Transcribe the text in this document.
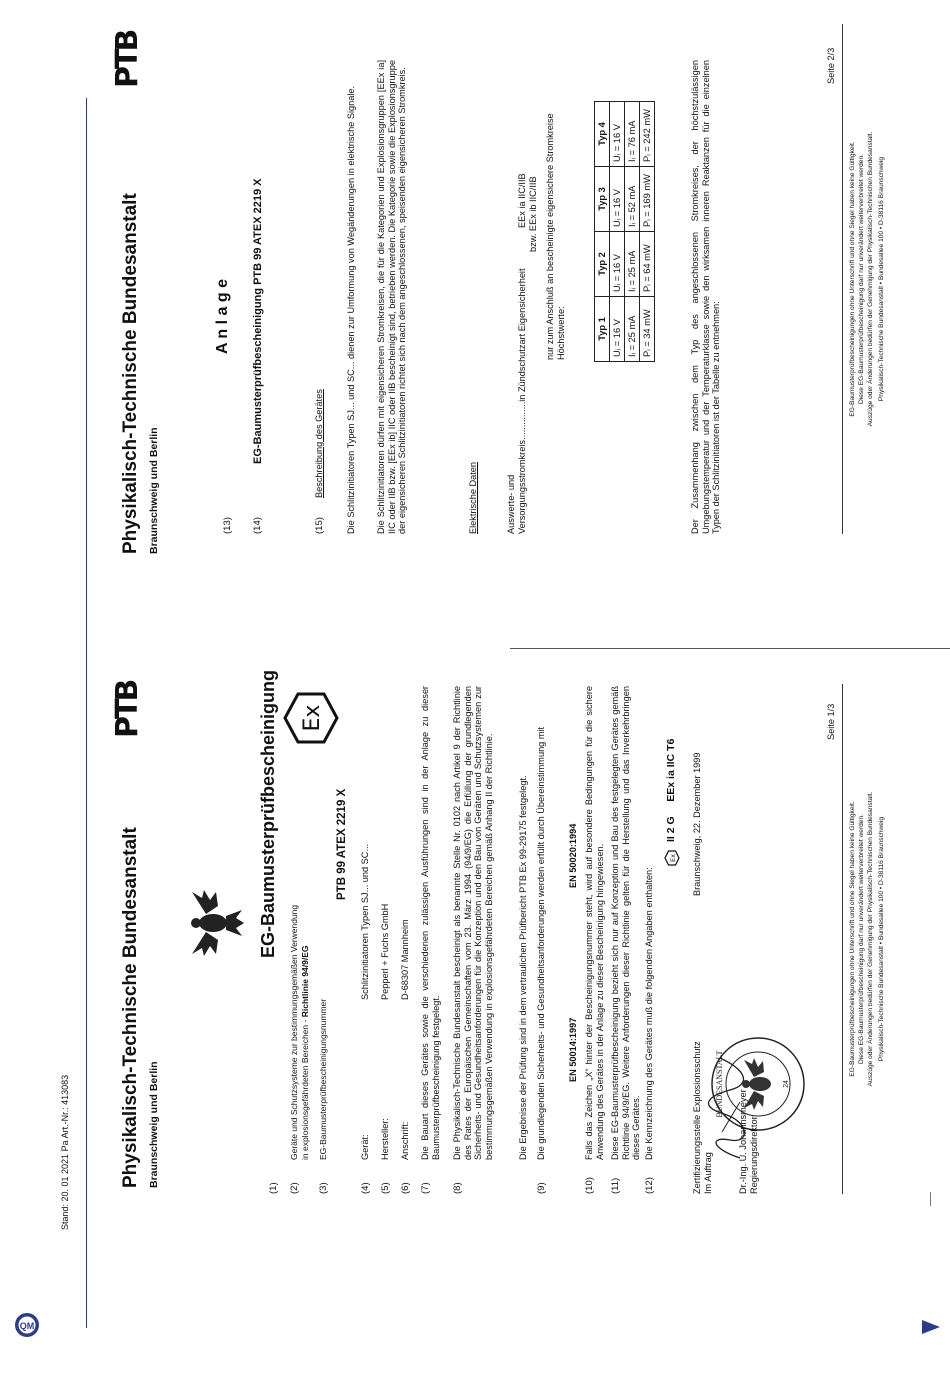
Stand: 20. 01 2021 Pa Art.-Nr.: 413083
QM
Physikalisch-Technische Bundesanstalt Braunschweig und Berlin
PTB	EG-Baumusterprüfbescheinigung Ex
(1) (2)
Geräte und Schutzsysteme zur bestimmungsgemäßen Verwendung in explosionsgefährdeten Bereichen - Richtlinie 94/9/EG
(3)
EG-Baumusterprüfbescheinigungsnummer
PTB 99 ATEX 2219 X
(4)
Gerät:
Schlitzinitiatoren Typen SJ... und SC...
(5)
Hersteller:
Pepperl + Fuchs GmbH
(6)
Anschrift:
D-68307 Mannheim
(7)
Die Bauart dieses Gerätes sowie die verschiedenen zulässigen Ausführungen sind in der Anlage zu dieser Baumusterprüfbescheinigung festgelegt.
(8)
Die Physikalisch-Technische Bundesanstalt bescheinigt als benannte Stelle Nr. 0102 nach Artikel 9 der Richtlinie des Rates der Europäischen Gemeinschaften vom 23. März 1994 (94/9/EG) die Erfüllung der grundlegenden Sicherheits- und Gesundheitsanforderungen für die Konzeption und den Bau von Geräten und Schutzsystemen zur bestimmungsgemäßen Verwendung in explosionsgefährdeten Bereichen gemäß Anhang II der Richtlinie.	Die Ergebnisse der Prüfung sind in dem vertraulichen Prüfbericht PTB Ex 99-29175 festgelegt.
(9)
Die grundlegenden Sicherheits- und Gesundheitsanforderungen werden erfüllt durch Übereinstimmung mit EN 50014:1997
EN 50020:1994
(10)
Falls das Zeichen „X“ hinter der Bescheinigungsnummer steht, wird auf besondere Bedingungen für die sichere Anwendung des Gerätes in der Anlage zu dieser Bescheinigung hingewiesen.
(11)
Diese EG-Baumusterprüfbescheinigung bezieht sich nur auf Konzeption und Bau des festgelegten Gerätes gemäß Richtlinie 94/9/EG. Weitere Anforderungen dieser Richtlinie gelten für die Herstellung und das Inverkehrbringen dieses Gerätes.
(12)
Die Kennzeichnung des Gerätes muß die folgenden Angaben enthalten:
Ex
II 2 G     EEx ia IIC T6
Zertifizierungsstelle Explosionsschutz Im Auftrag
Braunschweig, 22. Dezember 1999
BUNDESANSTALT	24
Dr.-Ing. U. Johannsmeyer Regierungsdirektor
Seite 1/3
EG-Baumusterprüfbescheinigungen ohne Unterschrift und ohne Siegel haben keine Gültigkeit. Diese EG-Baumusterprüfbescheinigung darf nur unverändert weiterverbreitet werden. Auszüge oder Änderungen bedürfen der Genehmigung der Physikalisch-Technischen Bundesanstalt. Physikalisch-Technische Bundesanstalt • Bundesallee 100 • D-38116 Braunschweig
Physikalisch-Technische Bundesanstalt Braunschweig und Berlin
PTB
(13)
A n l a g e
(14)
EG-Baumusterprüfbescheinigung PTB 99 ATEX 2219 X
(15)
Beschreibung des Gerätes Die Schlitzinitiatoren Typen SJ... und SC... dienen zur Umformung von Wegänderungen in elektrische Signale. Die Schlitzinitiatoren dürfen mit eigensicheren Stromkreisen, die für die Kategorien und Explosionsgruppen [EEx ia] IIC oder IIB bzw. [EEx ib] IIC oder IIB bescheinigt sind, betrieben werden. Die Kategorie sowie die Explosionsgruppe der eigensicheren Schlitzinitiatoren richtet sich nach dem angeschlossenen, speisenden eigensicheren Stromkreis.	Elektrische Daten	Auswerte- und Versorgungsstromkreis...............in Zündschutzart Eigensicherheit
EEx ia IIC/IIB bzw. EEx ib IIC/IIB nur zum Anschluß an bescheinigte eigensichere Stromkreise Höchstwerte:	Typ 1	Typ 2	Typ 3	Typ 4
Uᵢ = 16 V	Uᵢ = 16 V	Uᵢ = 16 V	Uᵢ = 16 V
Iᵢ = 25 mA	Iᵢ = 25 mA	Iᵢ = 52 mA	Iᵢ = 76 mA
Pᵢ = 34 mW	Pᵢ = 64 mW	Pᵢ = 169 mW	Pᵢ = 242 mW	Der Zusammenhang zwischen dem Typ des angeschlossenen Stromkreises, der höchstzulässigen Umgebungstemperatur und der Temperaturklasse sowie den wirksamen inneren Reaktanzen für die einzelnen Typen der Schlitzinitiatoren ist der Tabelle zu entnehmen:
Seite 2/3
EG-Baumusterprüfbescheinigungen ohne Unterschrift und ohne Siegel haben keine Gültigkeit. Diese EG-Baumusterprüfbescheinigung darf nur unverändert weiterverbreitet werden. Auszüge oder Änderungen bedürfen der Genehmigung der Physikalisch-Technischen Bundesanstalt. Physikalisch-Technische Bundesanstalt • Bundesallee 100 • D-38116 Braunschweig
